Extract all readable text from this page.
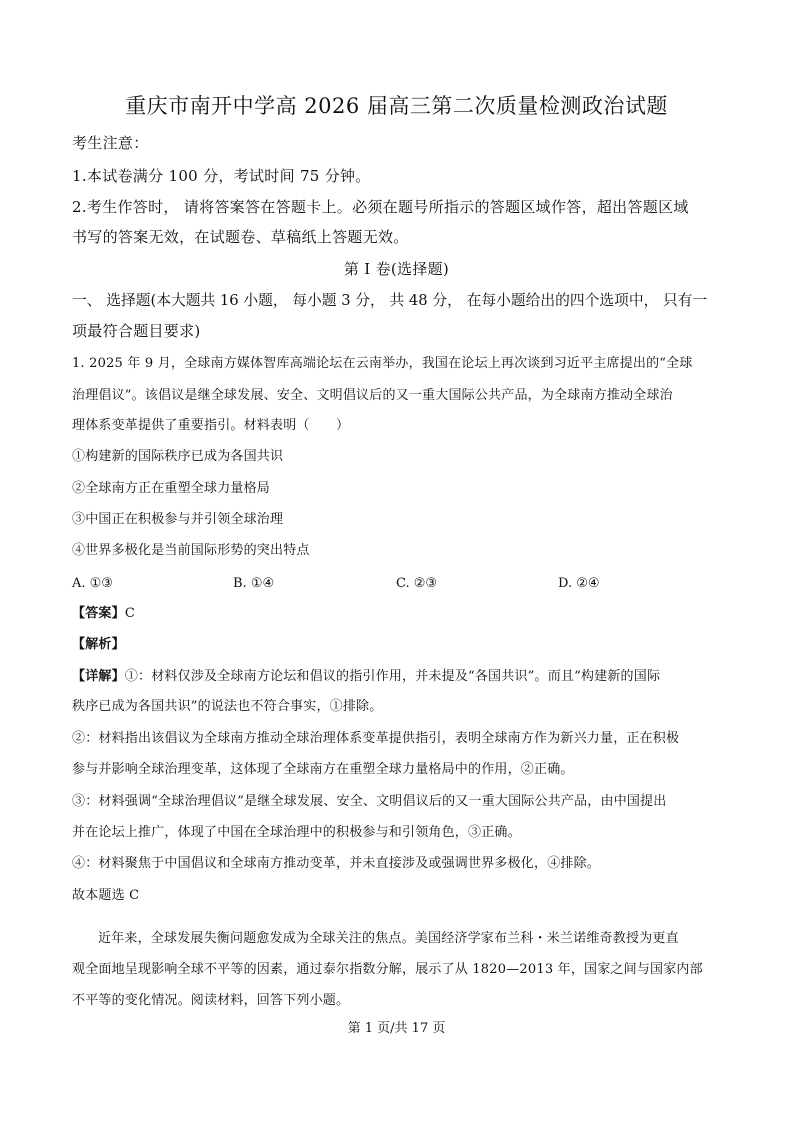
重庆市南开中学高 2026 届高三第二次质量检测政治试题
考生注意：
1.本试卷满分 100 分，考试时间 75 分钟。
2.考生作答时， 请将答案答在答题卡上。必须在题号所指示的答题区域作答，超出答题区域
书写的答案无效，在试题卷、草稿纸上答题无效。
第 I 卷(选择题)
一、 选择题(本大题共 16 小题， 每小题 3 分， 共 48 分， 在每小题给出的四个选项中， 只有一
项最符合题目要求)
1. 2025 年 9 月，全球南方媒体智库高端论坛在云南举办，我国在论坛上再次谈到习近平主席提出的“全球
治理倡议”。该倡议是继全球发展、安全、文明倡议后的又一重大国际公共产品，为全球南方推动全球治
理体系变革提供了重要指引。材料表明（　　）
①构建新的国际秩序已成为各国共识
②全球南方正在重塑全球力量格局
③中国正在积极参与并引领全球治理
④世界多极化是当前国际形势的突出特点
A. ①③	B. ①④	C. ②③	D. ②④
【答案】C
【解析】
【详解】①：材料仅涉及全球南方论坛和倡议的指引作用，并未提及“各国共识”。而且“构建新的国际
秩序已成为各国共识”的说法也不符合事实，①排除。
②：材料指出该倡议为全球南方推动全球治理体系变革提供指引，表明全球南方作为新兴力量，正在积极
参与并影响全球治理变革，这体现了全球南方在重塑全球力量格局中的作用，②正确。
③：材料强调“全球治理倡议”是继全球发展、安全、文明倡议后的又一重大国际公共产品，由中国提出
并在论坛上推广，体现了中国在全球治理中的积极参与和引领角色，③正确。
④：材料聚焦于中国倡议和全球南方推动变革，并未直接涉及或强调世界多极化，④排除。
故本题选 C
近年来，全球发展失衡问题愈发成为全球关注的焦点。美国经济学家布兰科・米兰诺维奇教授为更直
观全面地呈现影响全球不平等的因素，通过泰尔指数分解，展示了从 1820—2013 年，国家之间与国家内部
不平等的变化情况。阅读材料，回答下列小题。
第 1 页/共 17 页
